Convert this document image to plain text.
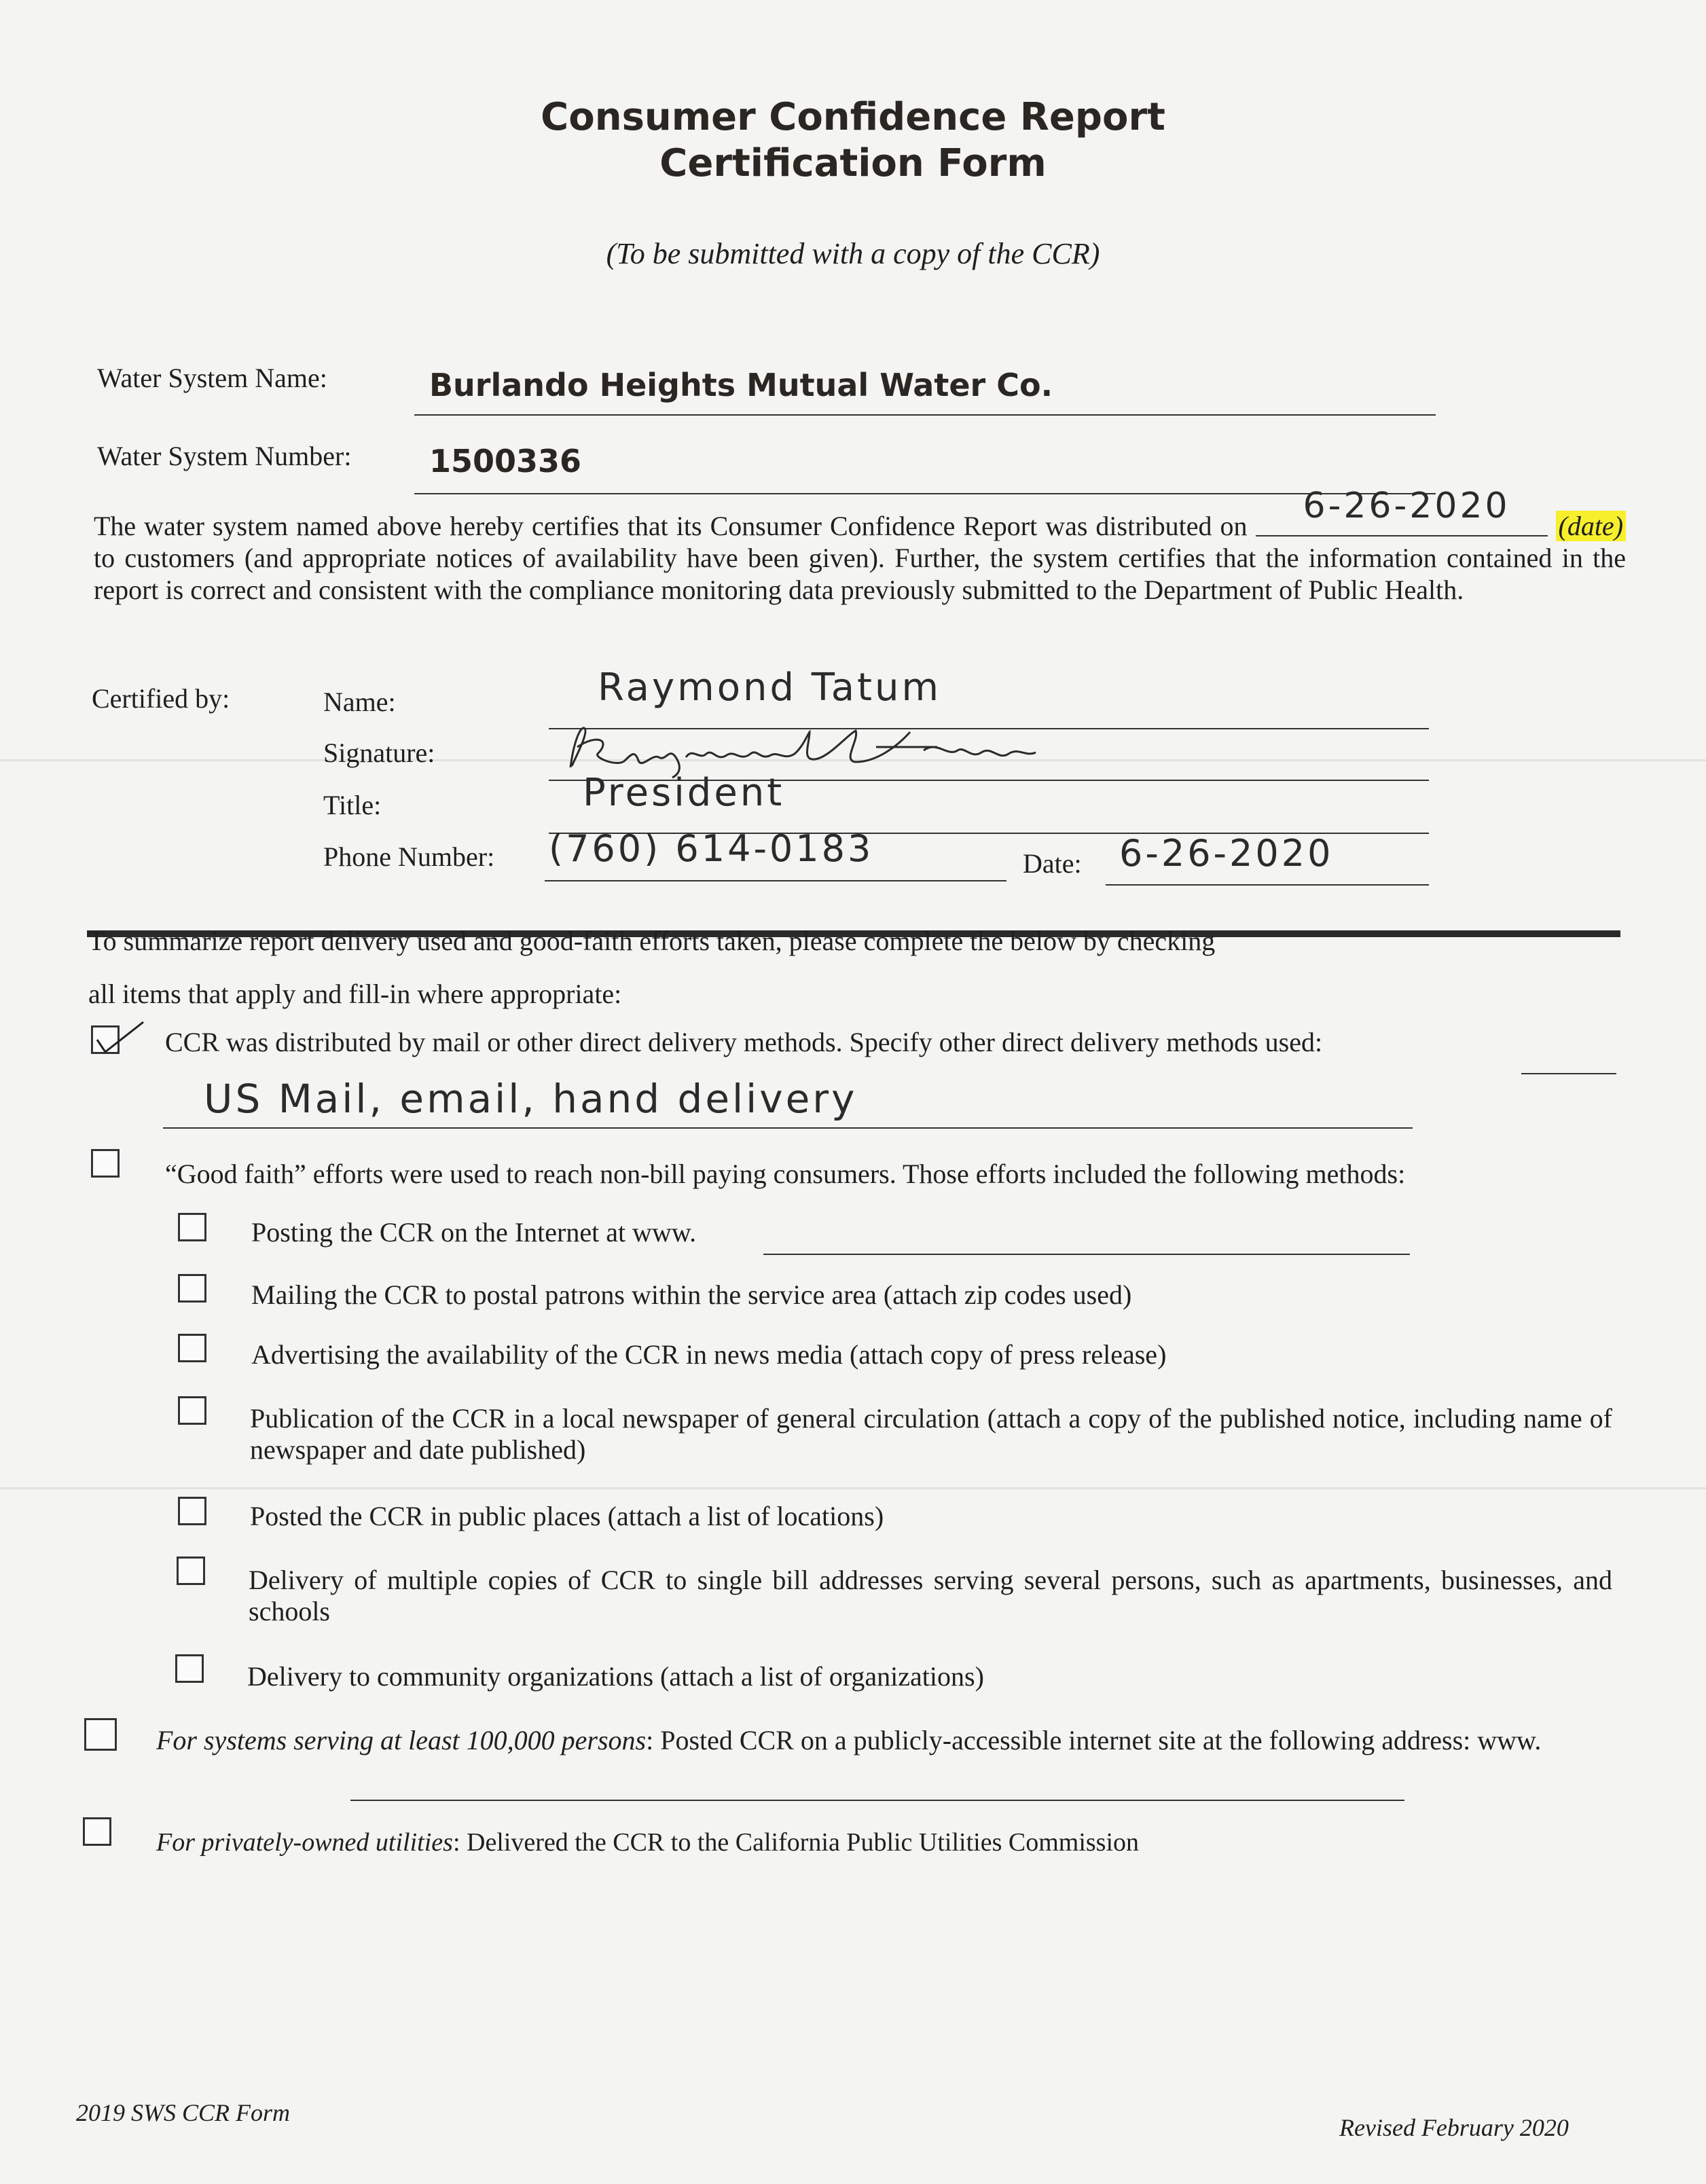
Consumer Confidence Report
Certification Form
(To be submitted with a copy of the CCR)
Water System Name:	Burlando Heights Mutual Water Co.
Water System Number: 1500336
The water system named above hereby certifies that its Consumer Confidence Report was distributed on 6-26-2020 (date) to customers (and appropriate notices of availability have been given). Further, the system certifies that the information contained in the report is correct and consistent with the compliance monitoring data previously submitted to the Department of Public Health.
Certified by:	Name:	Raymond Tatum
Signature:
Title:	President
Phone Number: (760) 614-0183	Date: 6-26-2020
To summarize report delivery used and good-faith efforts taken, please complete the below by checking
all items that apply and fill-in where appropriate:
CCR was distributed by mail or other direct delivery methods. Specify other direct delivery methods used:
US Mail, email, hand delivery
“Good faith” efforts were used to reach non-bill paying consumers. Those efforts included the following methods:
Posting the CCR on the Internet at www.
Mailing the CCR to postal patrons within the service area (attach zip codes used)
Advertising the availability of the CCR in news media (attach copy of press release)
Publication of the CCR in a local newspaper of general circulation (attach a copy of the published notice, including name of newspaper and date published)
Posted the CCR in public places (attach a list of locations)
Delivery of multiple copies of CCR to single bill addresses serving several persons, such as apartments, businesses, and schools
Delivery to community organizations (attach a list of organizations)
For systems serving at least 100,000 persons: Posted CCR on a publicly-accessible internet site at the following address: www.
For privately-owned utilities: Delivered the CCR to the California Public Utilities Commission
2019 SWS CCR Form
Revised February 2020
